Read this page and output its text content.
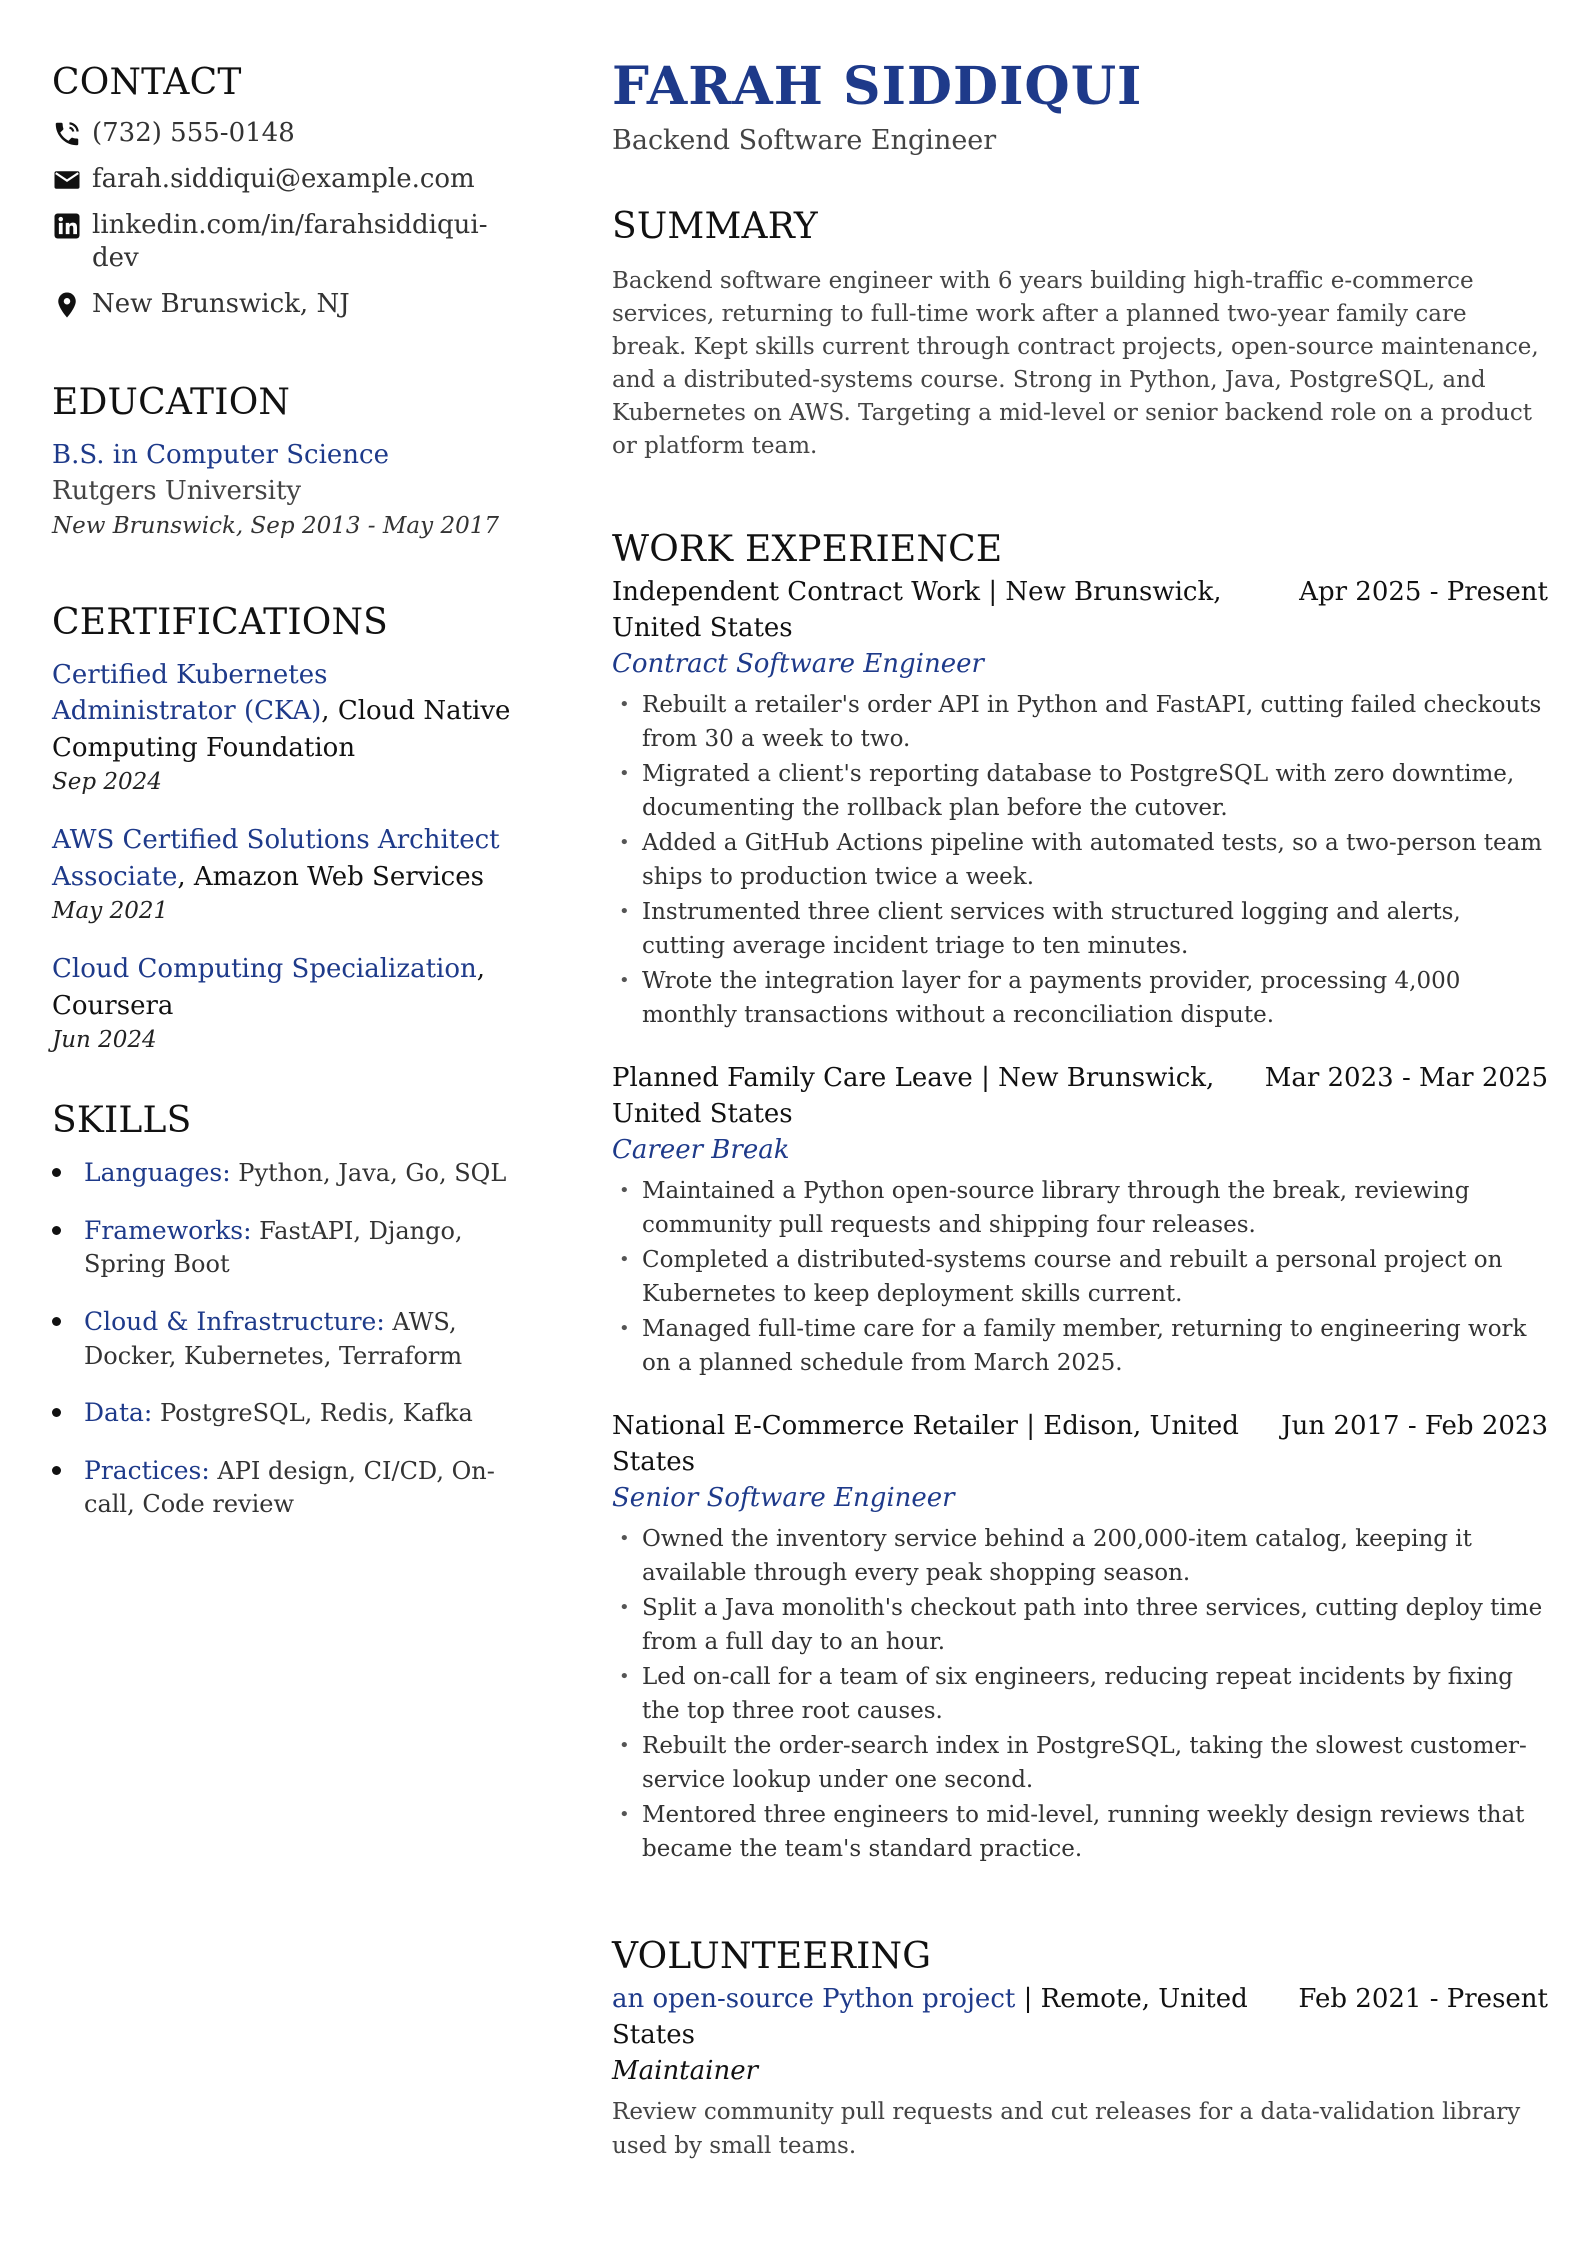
CONTACT
(732) 555-0148
farah.siddiqui@example.com
linkedin.com/in/farahsiddiqui-dev
New Brunswick, NJ
EDUCATION
B.S. in Computer Science
Rutgers University
New Brunswick, Sep 2013 - May 2017
CERTIFICATIONS
Certified Kubernetes Administrator (CKA), Cloud Native Computing Foundation
Sep 2024
AWS Certified Solutions Architect Associate, Amazon Web Services
May 2021
Cloud Computing Specialization, Coursera
Jun 2024
SKILLS
Languages: Python, Java, Go, SQL
Frameworks: FastAPI, Django, Spring Boot
Cloud & Infrastructure: AWS, Docker, Kubernetes, Terraform
Data: PostgreSQL, Redis, Kafka
Practices: API design, CI/CD, On-call, Code review
FARAH SIDDIQUI
Backend Software Engineer
SUMMARY
Backend software engineer with 6 years building high-traffic e-commerce services, returning to full-time work after a planned two-year family care break. Kept skills current through contract projects, open-source maintenance, and a distributed-systems course. Strong in Python, Java, PostgreSQL, and Kubernetes on AWS. Targeting a mid-level or senior backend role on a product or platform team.
WORK EXPERIENCE
Independent Contract Work | New Brunswick, United States
Apr 2025 - Present
Contract Software Engineer
• Rebuilt a retailer's order API in Python and FastAPI, cutting failed checkouts from 30 a week to two.
• Migrated a client's reporting database to PostgreSQL with zero downtime, documenting the rollback plan before the cutover.
• Added a GitHub Actions pipeline with automated tests, so a two-person team ships to production twice a week.
• Instrumented three client services with structured logging and alerts, cutting average incident triage to ten minutes.
• Wrote the integration layer for a payments provider, processing 4,000 monthly transactions without a reconciliation dispute.
Planned Family Care Leave | New Brunswick, United States
Mar 2023 - Mar 2025
Career Break
• Maintained a Python open-source library through the break, reviewing community pull requests and shipping four releases.
• Completed a distributed-systems course and rebuilt a personal project on Kubernetes to keep deployment skills current.
• Managed full-time care for a family member, returning to engineering work on a planned schedule from March 2025.
National E-Commerce Retailer | Edison, United States
Jun 2017 - Feb 2023
Senior Software Engineer
• Owned the inventory service behind a 200,000-item catalog, keeping it available through every peak shopping season.
• Split a Java monolith's checkout path into three services, cutting deploy time from a full day to an hour.
• Led on-call for a team of six engineers, reducing repeat incidents by fixing the top three root causes.
• Rebuilt the order-search index in PostgreSQL, taking the slowest customer-service lookup under one second.
• Mentored three engineers to mid-level, running weekly design reviews that became the team's standard practice.
VOLUNTEERING
an open-source Python project | Remote, United States
Feb 2021 - Present
Maintainer
Review community pull requests and cut releases for a data-validation library used by small teams.
